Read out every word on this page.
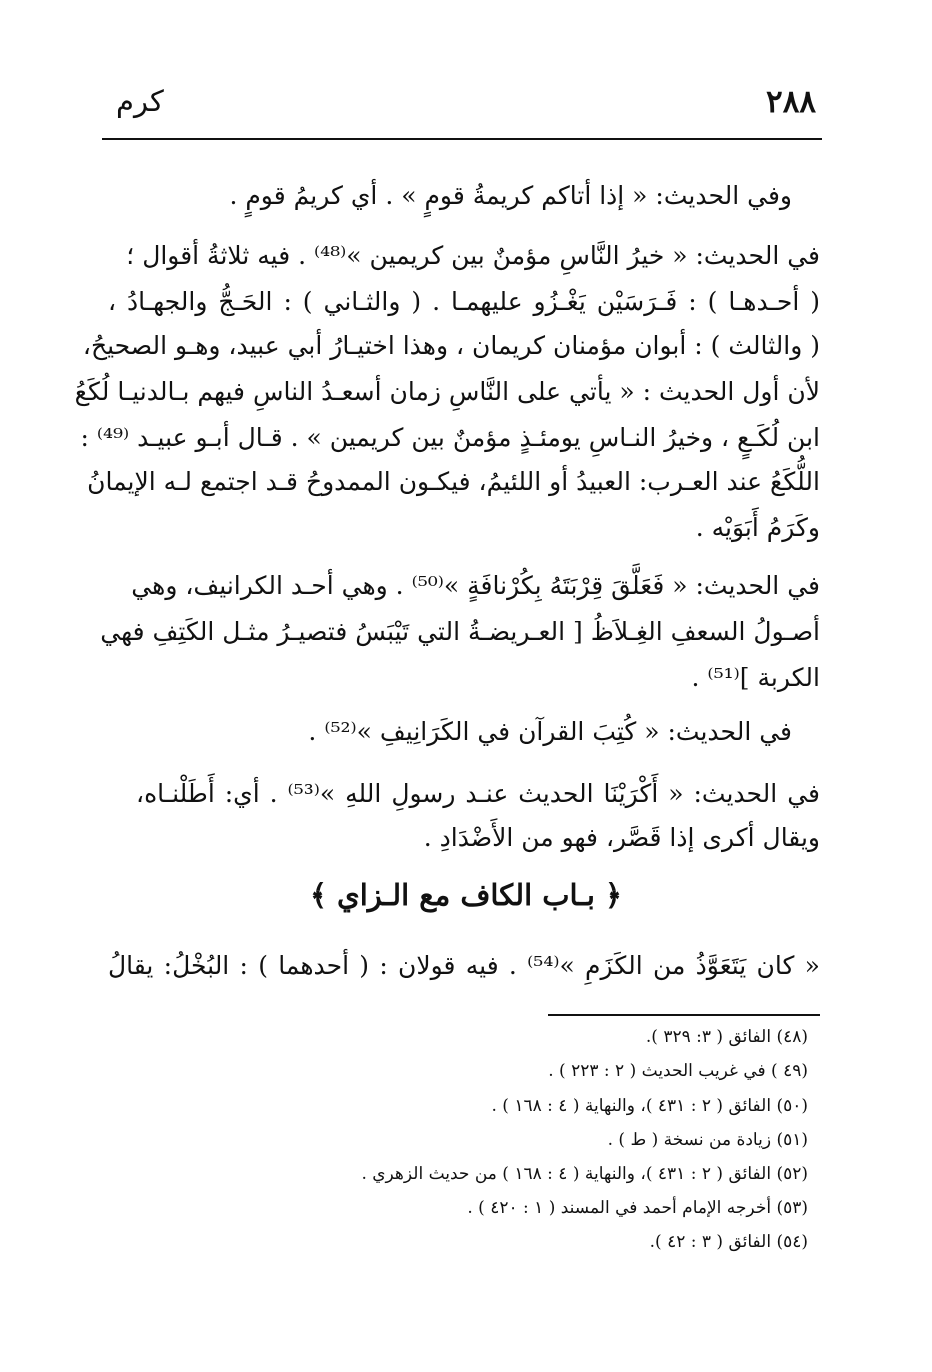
٢٨٨
كرم
وفي الحديث: « إذا أتاكم كريمةُ قومٍ » . أي كريمُ قومٍ .
في الحديث: « خيرُ النَّاسِ مؤمنٌ بين كريمين »⁽⁴⁸⁾ . فيه ثلاثةُ أقوال ؛
( أحـدهـا ) : فَـرَسَيْن يَغْـزُو عليهمـا . ( والثـاني ) : الحَـجُّ والجهـادُ ،
( والثالث ) : أبوان مؤمنان كريمان ، وهذا اختيـارُ أبي عبيد، وهـو الصحيحُ،
لأن أول الحديث : « يأتي على النَّاسِ زمان أسعـدُ الناسِ فيهم بـالدنيـا لُكَعُ
ابن لُكَـعٍ ، وخيرُ النـاسِ يومئـذٍ مؤمنٌ بين كريمين » . قـال أبـو عبيـد ⁽⁴⁹⁾ :
اللُّكَعُ عند العـرب: العبيدُ أو اللئيمُ، فيكـون الممدوحُ قـد اجتمع لـه الإيمانُ
وكَرَمُ أَبَوَيْه .
في الحديث: « فَعَلَّقَ قِرْبَتَهُ بِكُرْنافَةٍ »⁽⁵⁰⁾ . وهي أحـد الكرانيف، وهي
أصـولُ السعفِ الغِـلاَظُ [ العـريضـةُ التي تَيْبَسُ فتصيـرُ مثـل الكَتِفِ فهي
الكربة ]⁽⁵¹⁾ .
في الحديث: « كُتِبَ القرآن في الكَرَانِيفِ »⁽⁵²⁾ .
في الحديث: « أَكْرَيْنَا الحديث عنـد رسولِ اللهِ »⁽⁵³⁾ . أي: أَطَلْنـاه،
ويقال أكرى إذا قَصَّر، فهو من الأَضْدَادِ .
﴿ بـاب الكاف مع الـزاي ﴾
« كان يَتَعَوَّذُ من الكَزَمِ »⁽⁵⁴⁾ . فيه قولان : ( أحدهما ) : البُخْلُ: يقالُ
(٤٨) الفائق ( ٣: ٣٢٩ ).
(٤٩ ) في غريب الحديث ( ٢ : ٢٢٣ ) .
(٥٠) الفائق ( ٢ : ٤٣١ )، والنهاية ( ٤ : ١٦٨ ) .
(٥١) زيادة من نسخة ( ط ) .
(٥٢) الفائق ( ٢ : ٤٣١ )، والنهاية ( ٤ : ١٦٨ ) من حديث الزهري .
(٥٣) أخرجه الإمام أحمد في المسند ( ١ : ٤٢٠ ) .
(٥٤) الفائق ( ٣ : ٤٢ ).
